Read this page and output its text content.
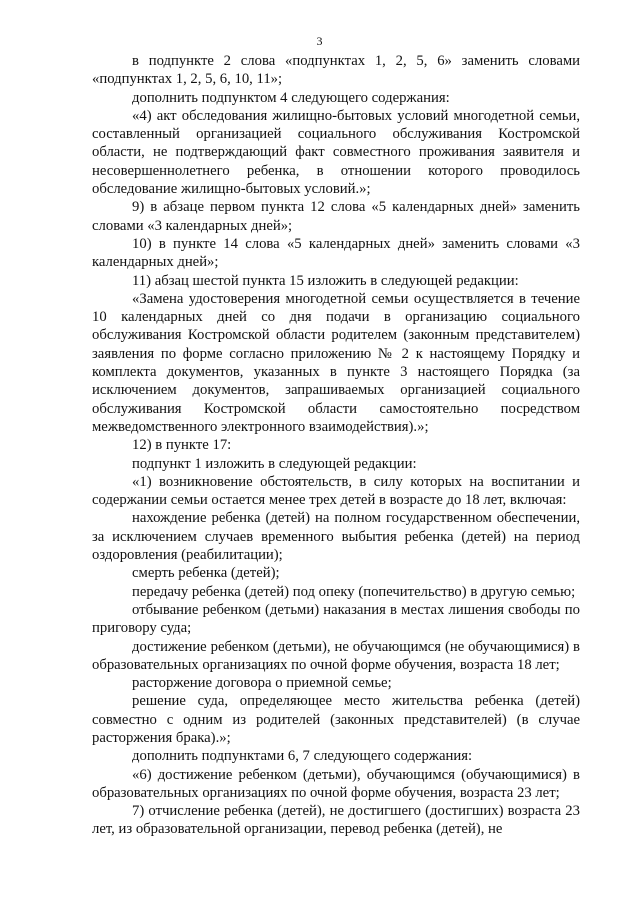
3

в подпункте 2 слова «подпунктах 1, 2, 5, 6» заменить словами «подпунктах 1, 2, 5, 6, 10, 11»;

дополнить подпунктом 4 следующего содержания:

«4) акт обследования жилищно-бытовых условий многодетной семьи, составленный организацией социального обслуживания Костромской области, не подтверждающий факт совместного проживания заявителя и несовершеннолетнего ребенка, в отношении которого проводилось обследование жилищно-бытовых условий.»;

9) в абзаце первом пункта 12 слова «5 календарных дней» заменить словами «3 календарных дней»;

10) в пункте 14 слова «5 календарных дней» заменить словами «3 календарных дней»;

11) абзац шестой пункта 15 изложить в следующей редакции:

«Замена удостоверения многодетной семьи осуществляется в течение 10 календарных дней со дня подачи в организацию социального обслуживания Костромской области родителем (законным представителем) заявления по форме согласно приложению № 2 к настоящему Порядку и комплекта документов, указанных в пункте 3 настоящего Порядка (за исключением документов, запрашиваемых организацией социального обслуживания Костромской области самостоятельно посредством межведомственного электронного взаимодействия).»;

12) в пункте 17:

подпункт 1 изложить в следующей редакции:

«1) возникновение обстоятельств, в силу которых на воспитании и содержании семьи остается менее трех детей в возрасте до 18 лет, включая:

нахождение ребенка (детей) на полном государственном обеспечении, за исключением случаев временного выбытия ребенка (детей) на период оздоровления (реабилитации);

смерть ребенка (детей);

передачу ребенка (детей) под опеку (попечительство) в другую семью;

отбывание ребенком (детьми) наказания в местах лишения свободы по приговору суда;

достижение ребенком (детьми), не обучающимся (не обучающимися) в образовательных организациях по очной форме обучения, возраста 18 лет;

расторжение договора о приемной семье;

решение суда, определяющее место жительства ребенка (детей) совместно с одним из родителей (законных представителей) (в случае расторжения брака).»;

дополнить подпунктами 6, 7 следующего содержания:

«6) достижение ребенком (детьми), обучающимся (обучающимися) в образовательных организациях по очной форме обучения, возраста 23 лет;

7) отчисление ребенка (детей), не достигшего (достигших) возраста 23 лет, из образовательной организации, перевод ребенка (детей), не
